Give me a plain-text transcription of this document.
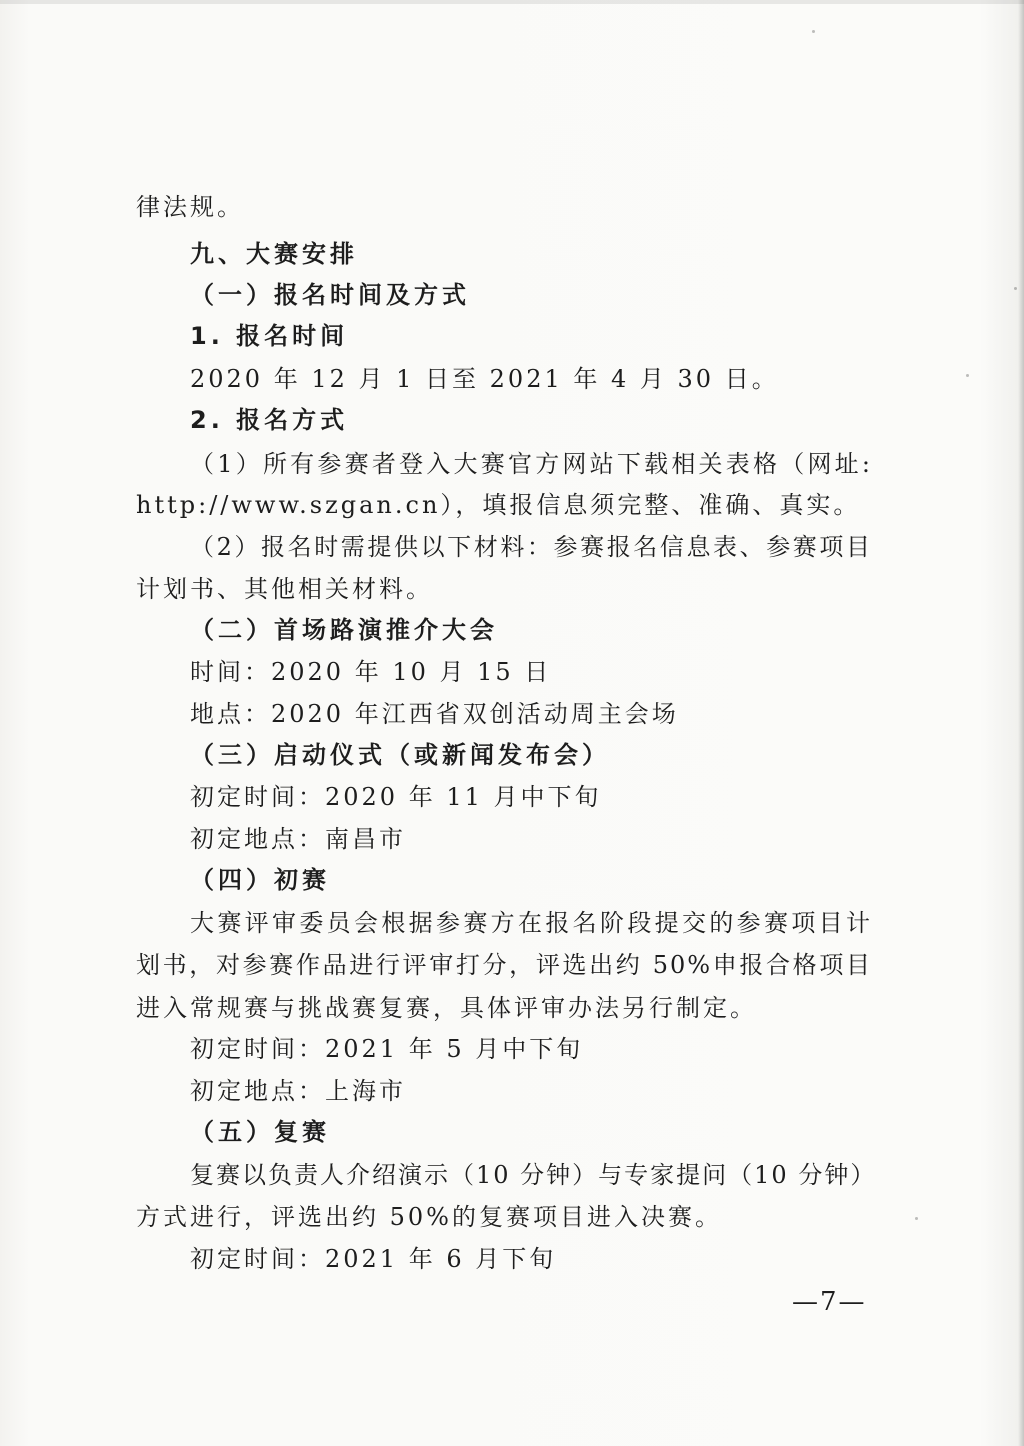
律法规。
九、大赛安排
（一）报名时间及方式
1. 报名时间
2020 年 12 月 1 日至 2021 年 4 月 30 日。
2. 报名方式
（1）所有参赛者登入大赛官方网站下载相关表格（网址:
http://www.szgan.cn），填报信息须完整、准确、真实。
（2）报名时需提供以下材料：参赛报名信息表、参赛项目
计划书、其他相关材料。
（二）首场路演推介大会
时间：2020 年 10 月 15 日
地点：2020 年江西省双创活动周主会场
（三）启动仪式（或新闻发布会）
初定时间：2020 年 11 月中下旬
初定地点：南昌市
（四）初赛
大赛评审委员会根据参赛方在报名阶段提交的参赛项目计
划书，对参赛作品进行评审打分，评选出约 50%申报合格项目
进入常规赛与挑战赛复赛，具体评审办法另行制定。
初定时间：2021 年 5 月中下旬
初定地点：上海市
（五）复赛
复赛以负责人介绍演示（10 分钟）与专家提问（10 分钟）
方式进行，评选出约 50%的复赛项目进入决赛。
初定时间：2021 年 6 月下旬
—7—
